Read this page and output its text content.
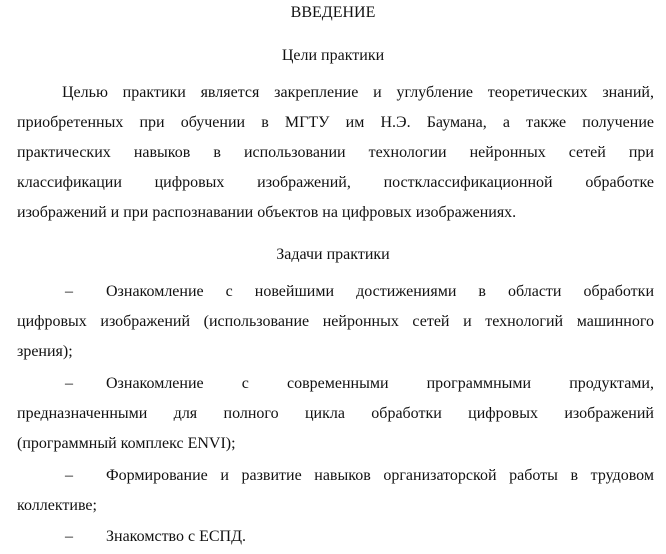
ВВЕДЕНИЕ
Цели практики
Целью практики является закрепление и углубление теоретических знаний,
приобретенных при обучении в МГТУ им Н.Э. Баумана, а также получение
практических навыков в использовании технологии нейронных сетей при
классификации цифровых изображений, постклассификационной обработке
изображений и при распознавании объектов на цифровых изображениях.
Задачи практики
– Ознакомление с новейшими достижениями в области обработки
цифровых изображений (использование нейронных сетей и технологий машинного
зрения);
– Ознакомление с современными программными продуктами,
предназначенными для полного цикла обработки цифровых изображений
(программный комплекс ENVI);
– Формирование и развитие навыков организаторской работы в трудовом
коллективе;
– Знакомство с ЕСПД.
